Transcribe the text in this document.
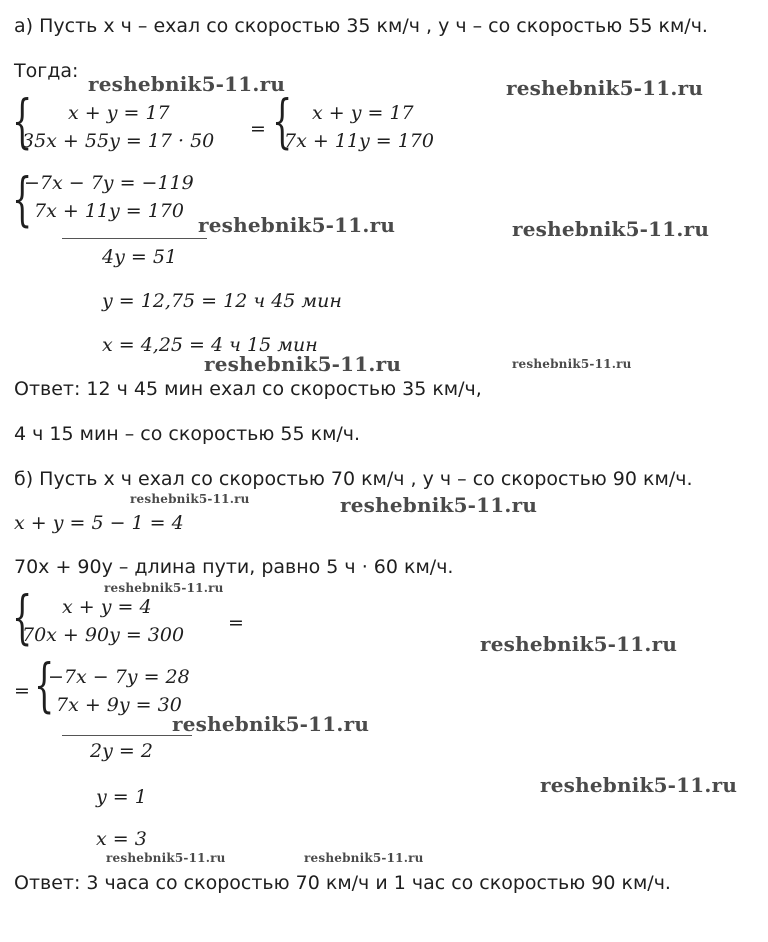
а) Пусть x ч – ехал со скоростью 35 км/ч , y ч – со скоростью 55 км/ч.
Тогда:
{ x + y = 17
35x + 55y = 17 · 50
= { x + y = 17
7x + 11y = 170
{
−7x − 7y = −119
7x + 11y = 170
4y = 51
y = 12,75 = 12 ч 45 мин
x = 4,25 = 4 ч 15 мин
Ответ: 12 ч 45 мин ехал со скоростью 35 км/ч,
4 ч 15 мин – со скоростью 55 км/ч.
б) Пусть x ч ехал со скоростью 70 км/ч , y ч – со скоростью 90 км/ч.
x + y = 5 − 1 = 4
70x + 90y – длина пути, равно 5 ч · 60 км/ч.
{ x + y = 4
70x + 90y = 300
=
= {
−7x − 7y = 28
7x + 9y = 30
2y = 2
y = 1
x = 3
Ответ: 3 часа со скоростью 70 км/ч и 1 час со скоростью 90 км/ч.
reshebnik5-11.ru	reshebnik5-11.ru
reshebnik5-11.ru	reshebnik5-11.ru
reshebnik5-11.ru	reshebnik5-11.ru
reshebnik5-11.ru	reshebnik5-11.ru
reshebnik5-11.ru
reshebnik5-11.ru
reshebnik5-11.ru
reshebnik5-11.ru
reshebnik5-11.ru	reshebnik5-11.ru
